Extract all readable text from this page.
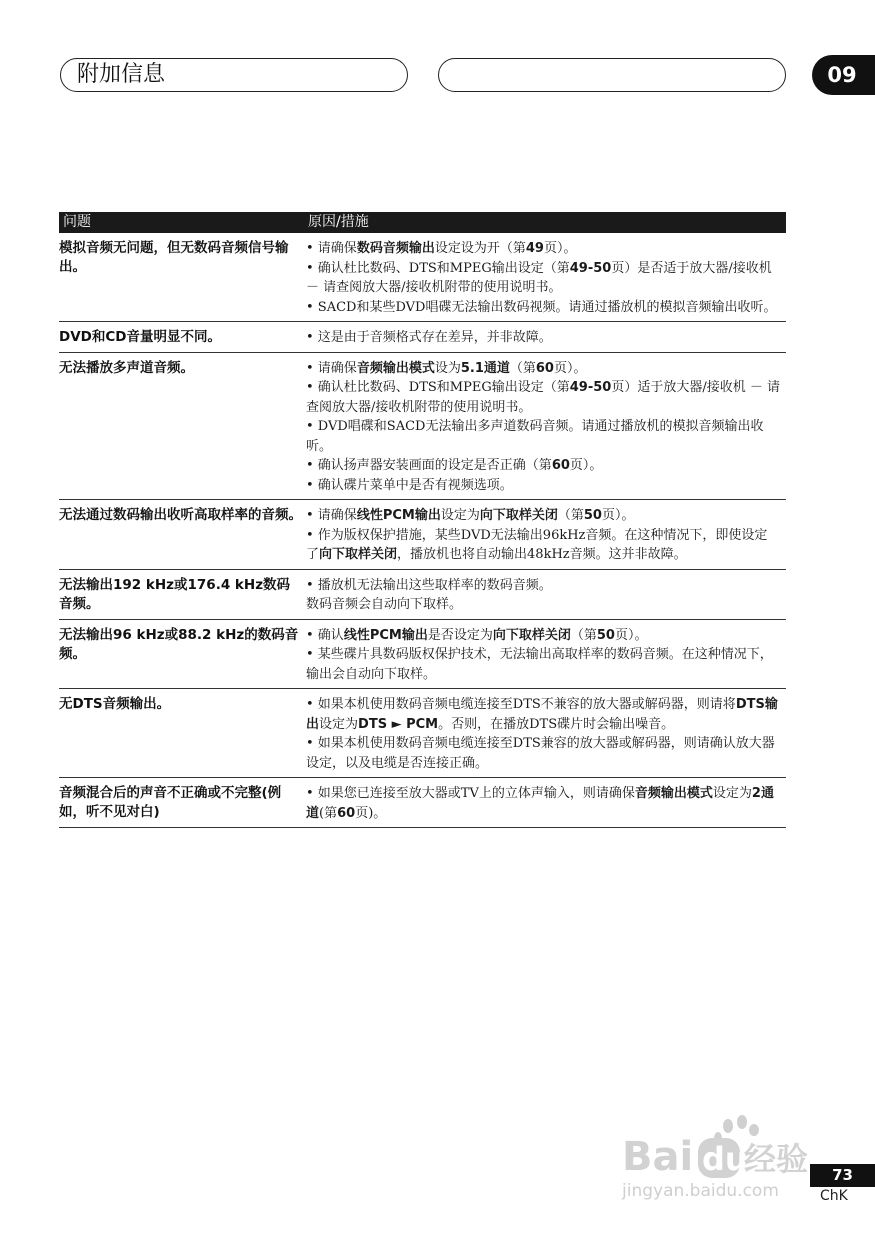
附加信息	09
问题	原因/措施
模拟音频无问题，但无数码音频信号输出。	• 请确保数码音频输出设定设为开（第49页）。
• 确认杜比数码、DTS和MPEG输出设定（第49-50页）是否适于放大器/接收机 － 请查阅放大器/接收机附带的使用说明书。
• SACD和某些DVD唱碟无法输出数码视频。请通过播放机的模拟音频输出收听。

DVD和CD音量明显不同。	• 这是由于音频格式存在差异，并非故障。

无法播放多声道音频。	• 请确保音频输出模式设为5.1通道（第60页）。
• 确认杜比数码、DTS和MPEG输出设定（第49-50页）适于放大器/接收机 － 请查阅放大器/接收机附带的使用说明书。
• DVD唱碟和SACD无法输出多声道数码音频。请通过播放机的模拟音频输出收听。
• 确认扬声器安装画面的设定是否正确（第60页）。
• 确认碟片菜单中是否有视频选项。

无法通过数码输出收听高取样率的音频。	• 请确保线性PCM输出设定为向下取样关闭（第50页）。
• 作为版权保护措施，某些DVD无法输出96kHz音频。在这种情况下，即使设定了向下取样关闭，播放机也将自动输出48kHz音频。这并非故障。

无法输出192 kHz或176.4 kHz数码音频。	• 播放机无法输出这些取样率的数码音频。
数码音频会自动向下取样。

无法输出96 kHz或88.2 kHz的数码音频。	• 确认线性PCM输出是否设定为向下取样关闭（第50页）。
• 某些碟片具数码版权保护技术，无法输出高取样率的数码音频。在这种情况下，输出会自动向下取样。

无DTS音频输出。	• 如果本机使用数码音频电缆连接至DTS不兼容的放大器或解码器，则请将DTS输出设定为DTS ► PCM。否则，在播放DTS碟片时会输出噪音。
• 如果本机使用数码音频电缆连接至DTS兼容的放大器或解码器，则请确认放大器设定，以及电缆是否连接正确。

音频混合后的声音不正确或不完整(例如，听不见对白)	• 如果您已连接至放大器或TV上的立体声输入，则请确保音频输出模式设定为2通道(第60页)。
73
ChK
Bai du
经验
jingyan.baidu.com
